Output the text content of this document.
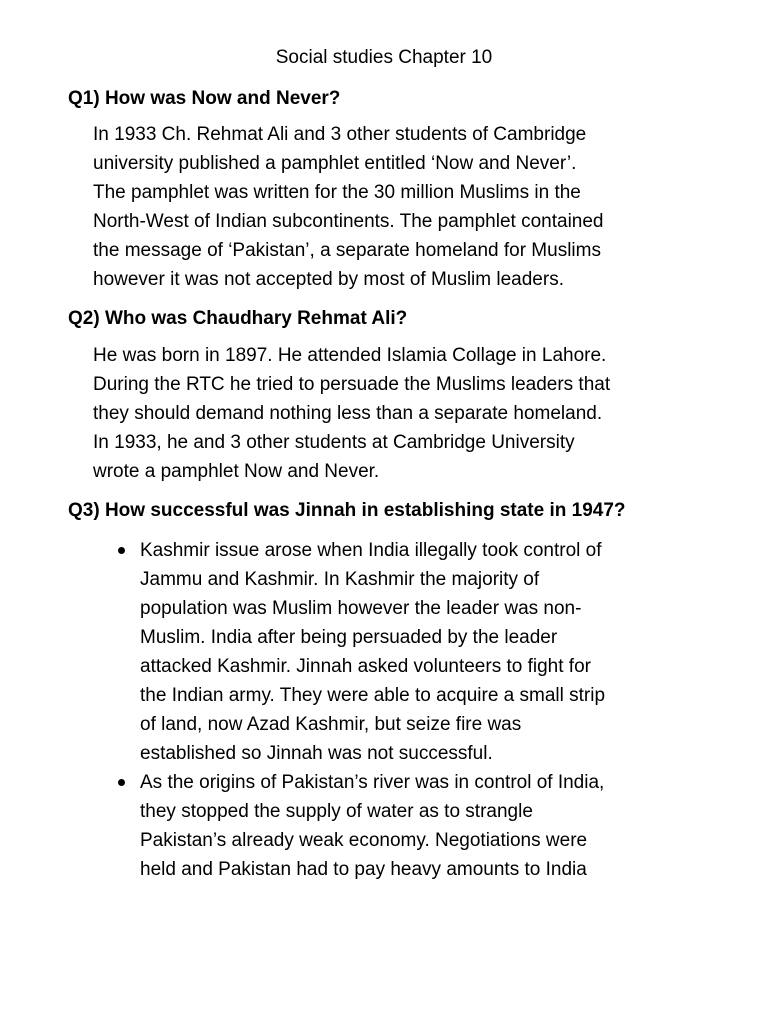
Social studies Chapter 10
Q1) How was Now and Never?
In 1933 Ch. Rehmat Ali and 3 other students of Cambridge
university published a pamphlet entitled ‘Now and Never’.
The pamphlet was written for the 30 million Muslims in the
North-West of Indian subcontinents. The pamphlet contained
the message of ‘Pakistan’, a separate homeland for Muslims
however it was not accepted by most of Muslim leaders.
Q2) Who was Chaudhary Rehmat Ali?
He was born in 1897. He attended Islamia Collage in Lahore.
During the RTC he tried to persuade the Muslims leaders that
they should demand nothing less than a separate homeland.
In 1933, he and 3 other students at Cambridge University
wrote a pamphlet Now and Never.
Q3) How successful was Jinnah in establishing state in 1947?
Kashmir issue arose when India illegally took control of
Jammu and Kashmir. In Kashmir the majority of
population was Muslim however the leader was non-
Muslim. India after being persuaded by the leader
attacked Kashmir. Jinnah asked volunteers to fight for
the Indian army. They were able to acquire a small strip
of land, now Azad Kashmir, but seize fire was
established so Jinnah was not successful.
As the origins of Pakistan’s river was in control of India,
they stopped the supply of water as to strangle
Pakistan’s already weak economy. Negotiations were
held and Pakistan had to pay heavy amounts to India
